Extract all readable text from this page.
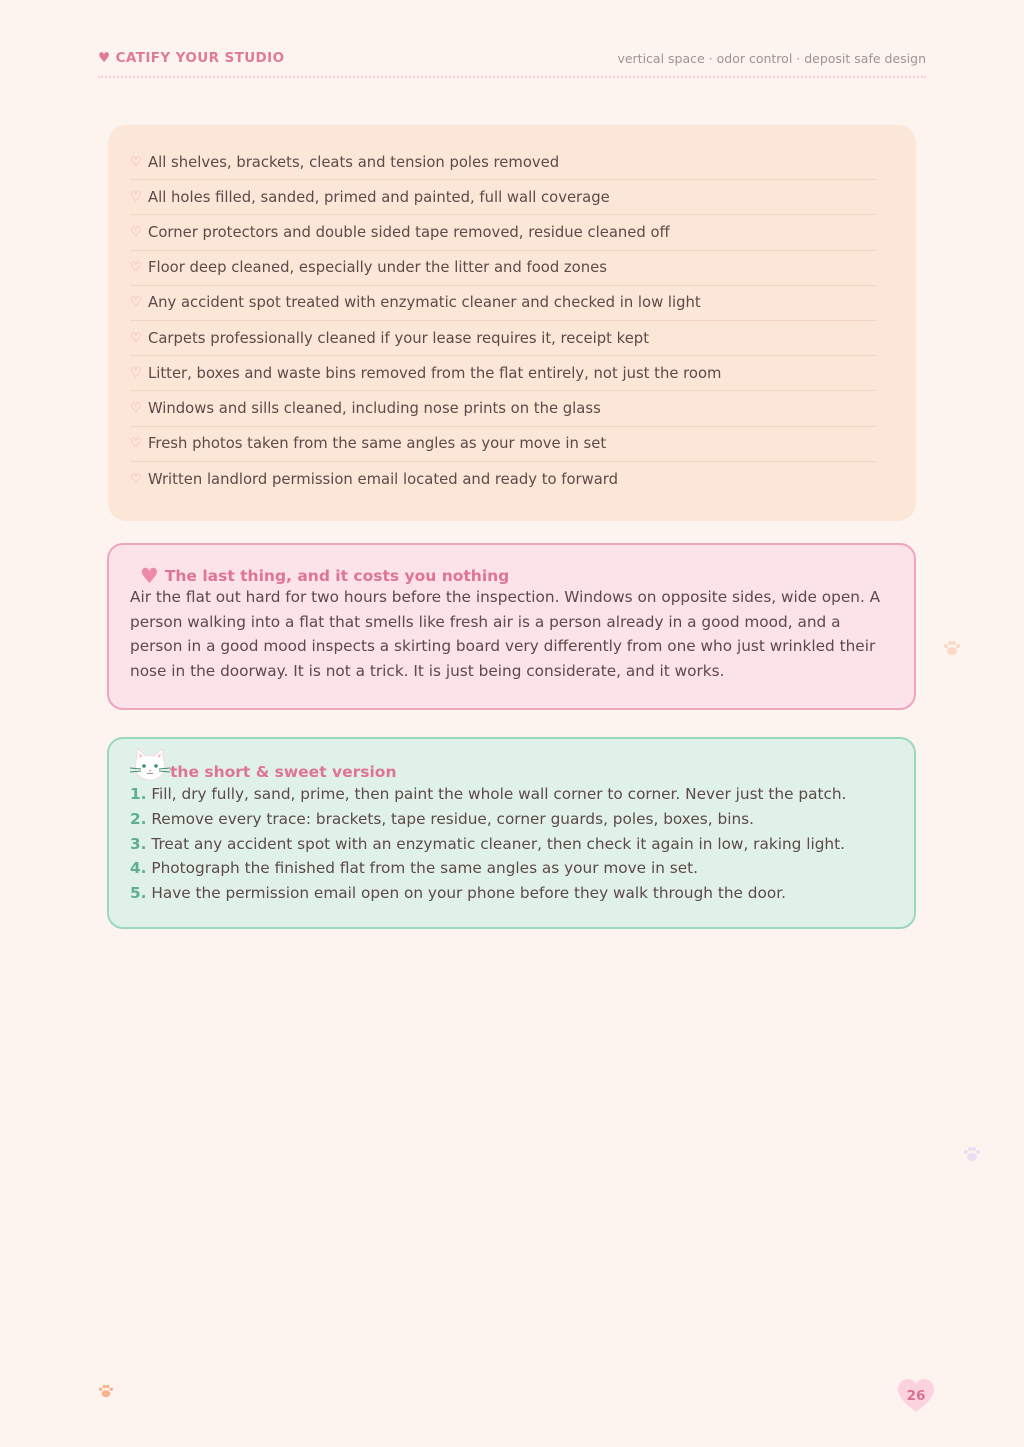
♥ CATIFY YOUR STUDIO	vertical space · odor control · deposit safe design
♡ All shelves, brackets, cleats and tension poles removed
♡ All holes filled, sanded, primed and painted, full wall coverage
♡ Corner protectors and double sided tape removed, residue cleaned off
♡ Floor deep cleaned, especially under the litter and food zones
♡ Any accident spot treated with enzymatic cleaner and checked in low light
♡ Carpets professionally cleaned if your lease requires it, receipt kept
♡ Litter, boxes and waste bins removed from the flat entirely, not just the room
♡ Windows and sills cleaned, including nose prints on the glass
♡ Fresh photos taken from the same angles as your move in set
♡ Written landlord permission email located and ready to forward
♥ The last thing, and it costs you nothing

Air the flat out hard for two hours before the inspection. Windows on opposite sides, wide open. A person walking into a flat that smells like fresh air is a person already in a good mood, and a person in a good mood inspects a skirting board very differently from one who just wrinkled their nose in the doorway. It is not a trick. It is just being considerate, and it works.

the short & sweet version
1. Fill, dry fully, sand, prime, then paint the whole wall corner to corner. Never just the patch.
2. Remove every trace: brackets, tape residue, corner guards, poles, boxes, bins.
3. Treat any accident spot with an enzymatic cleaner, then check it again in low, raking light.
4. Photograph the finished flat from the same angles as your move in set.
5. Have the permission email open on your phone before they walk through the door.
26
